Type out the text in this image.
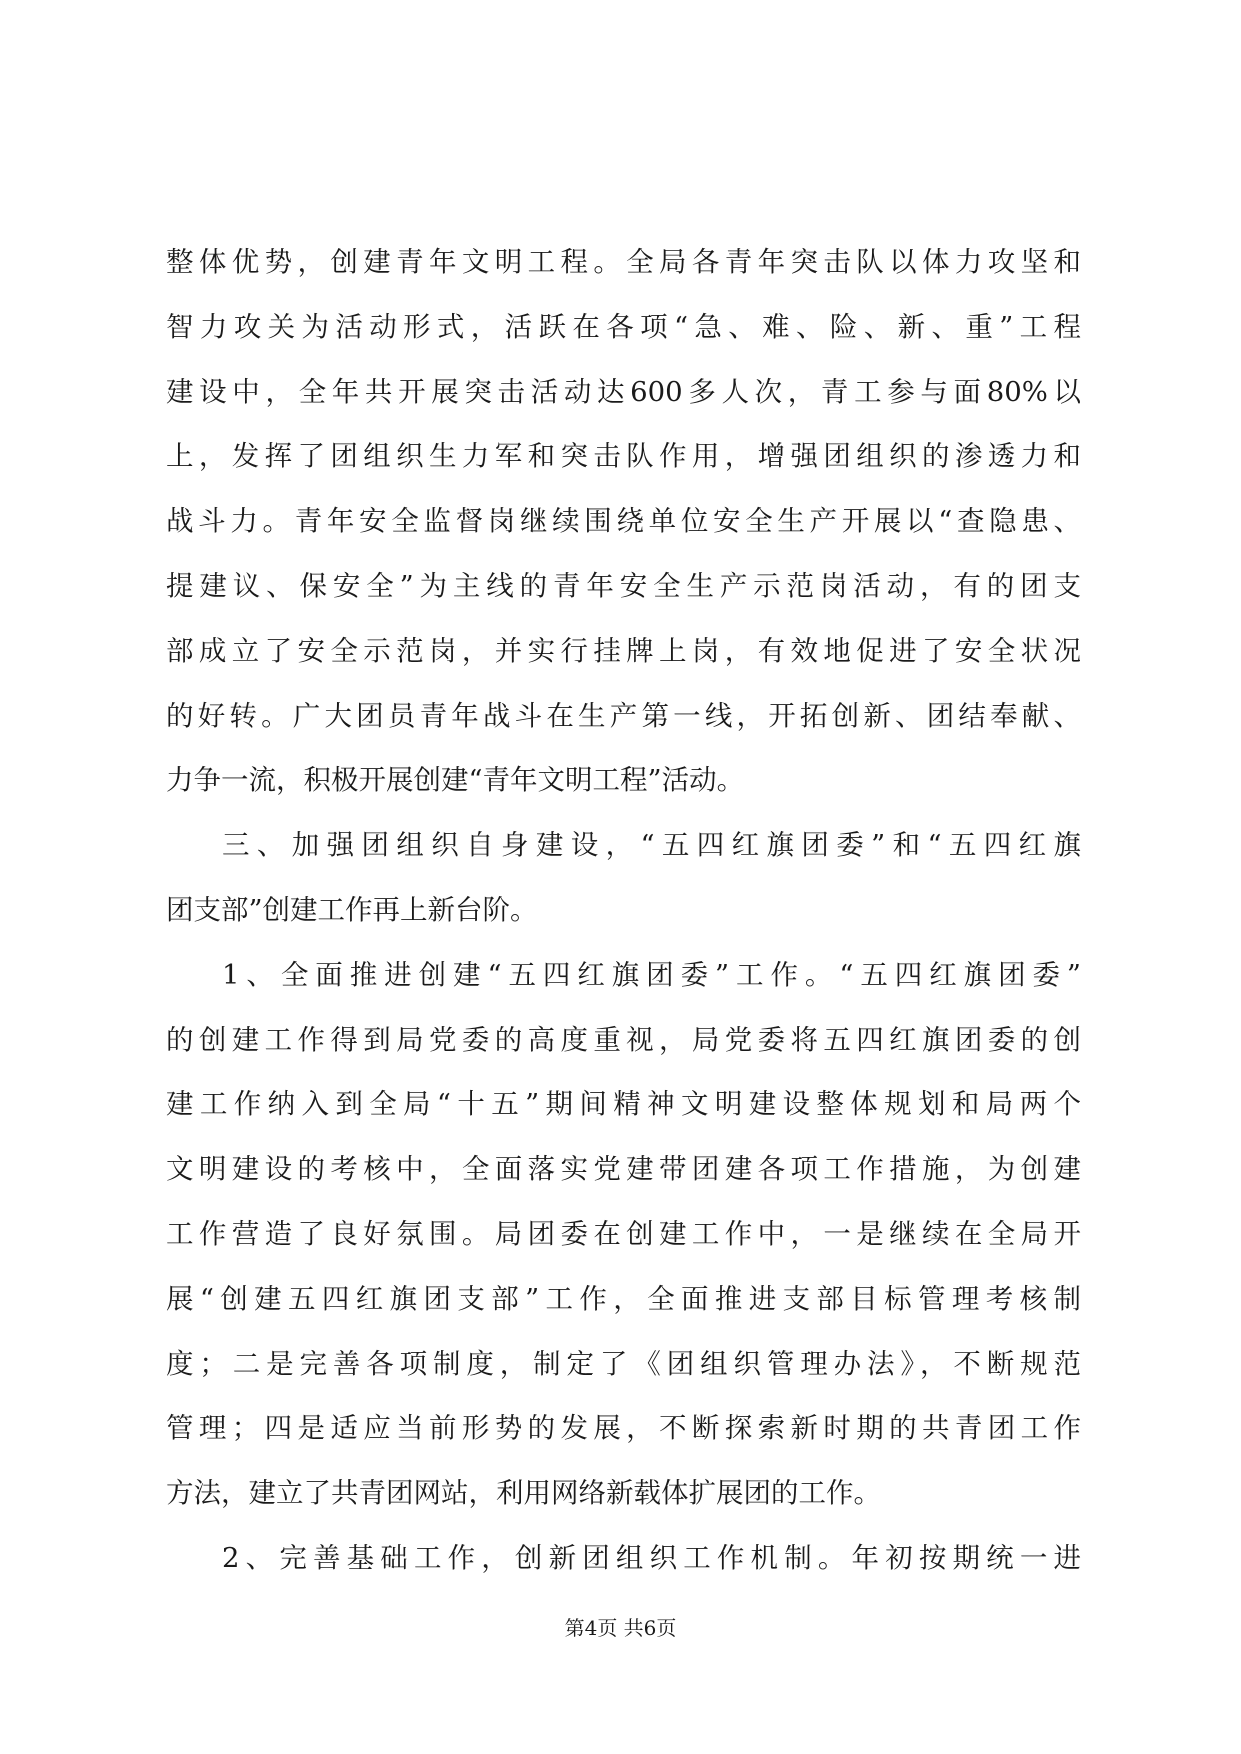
整体优势，创建青年文明工程。全局各青年突击队以体力攻坚和

智力攻关为活动形式，活跃在各项“急、难、险、新、重”工程

建设中，全年共开展突击活动达600多人次，青工参与面80%以

上，发挥了团组织生力军和突击队作用，增强团组织的渗透力和

战斗力。青年安全监督岗继续围绕单位安全生产开展以“查隐患、

提建议、保安全”为主线的青年安全生产示范岗活动，有的团支

部成立了安全示范岗，并实行挂牌上岗，有效地促进了安全状况

的好转。广大团员青年战斗在生产第一线，开拓创新、团结奉献、

力争一流，积极开展创建“青年文明工程”活动。

三、加强团组织自身建设，“五四红旗团委”和“五四红旗

团支部”创建工作再上新台阶。

1、全面推进创建“五四红旗团委”工作。“五四红旗团委”

的创建工作得到局党委的高度重视，局党委将五四红旗团委的创

建工作纳入到全局“十五”期间精神文明建设整体规划和局两个

文明建设的考核中，全面落实党建带团建各项工作措施，为创建

工作营造了良好氛围。局团委在创建工作中，一是继续在全局开

展“创建五四红旗团支部”工作，全面推进支部目标管理考核制

度；二是完善各项制度，制定了《团组织管理办法》，不断规范

管理；四是适应当前形势的发展，不断探索新时期的共青团工作

方法，建立了共青团网站，利用网络新载体扩展团的工作。

2、完善基础工作，创新团组织工作机制。年初按期统一进

第4页 共6页
